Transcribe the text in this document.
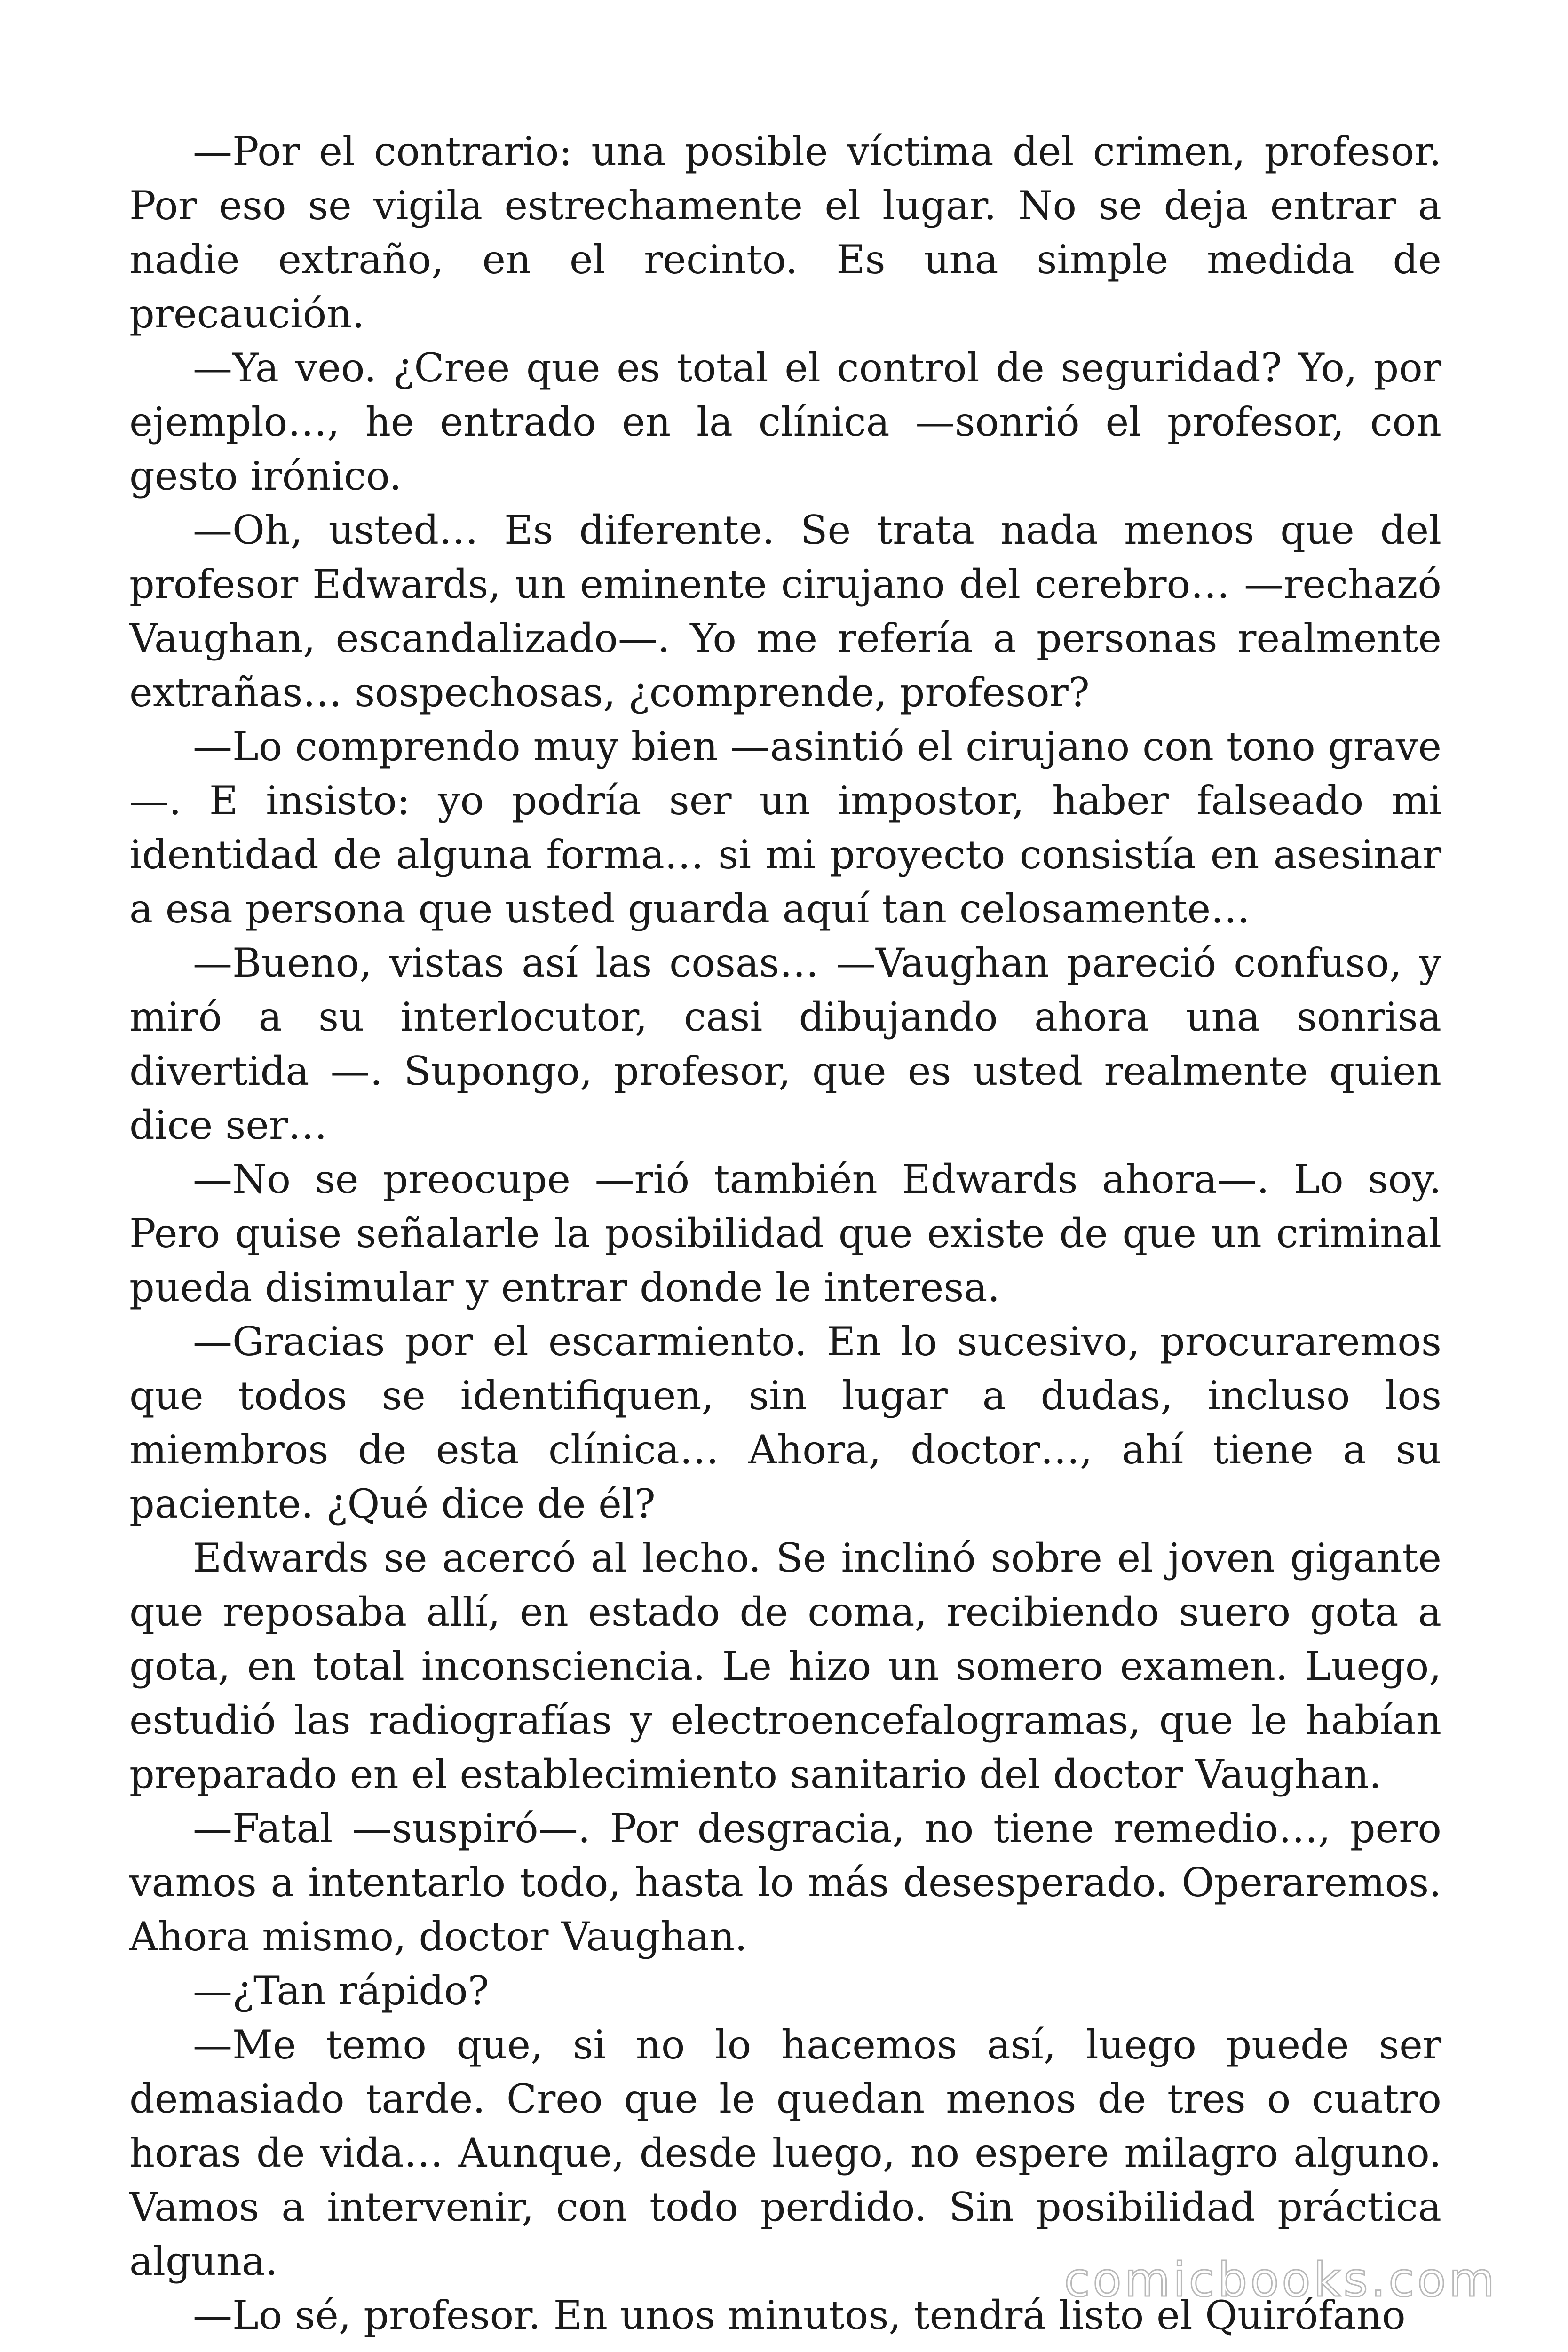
—Por el contrario: una posible víctima del crimen, profesor. Por eso se vigila estrechamente el lugar. No se deja entrar a nadie extraño, en el recinto. Es una simple medida de precaución.

—Ya veo. ¿Cree que es total el control de seguridad? Yo, por ejemplo…, he entrado en la clínica —sonrió el profesor, con gesto irónico.

—Oh, usted… Es diferente. Se trata nada menos que del profesor Edwards, un eminente cirujano del cerebro… —rechazó Vaughan, escandalizado—. Yo me refería a personas realmente extrañas… sospechosas, ¿comprende, profesor?

—Lo comprendo muy bien —asintió el cirujano con tono grave —. E insisto: yo podría ser un impostor, haber falseado mi identidad de alguna forma… si mi proyecto consistía en asesinar a esa persona que usted guarda aquí tan celosamente…

—Bueno, vistas así las cosas… —Vaughan pareció confuso, y miró a su interlocutor, casi dibujando ahora una sonrisa divertida —. Supongo, profesor, que es usted realmente quien dice ser…

—No se preocupe —rió también Edwards ahora—. Lo soy. Pero quise señalarle la posibilidad que existe de que un criminal pueda disimular y entrar donde le interesa.

—Gracias por el escarmiento. En lo sucesivo, procuraremos que todos se identifiquen, sin lugar a dudas, incluso los miembros de esta clínica… Ahora, doctor…, ahí tiene a su paciente. ¿Qué dice de él?

Edwards se acercó al lecho. Se inclinó sobre el joven gigante que reposaba allí, en estado de coma, recibiendo suero gota a gota, en total inconsciencia. Le hizo un somero examen. Luego, estudió las radiografías y electroencefalogramas, que le habían preparado en el establecimiento sanitario del doctor Vaughan.

—Fatal —suspiró—. Por desgracia, no tiene remedio…, pero vamos a intentarlo todo, hasta lo más desesperado. Operaremos. Ahora mismo, doctor Vaughan.

—¿Tan rápido?

—Me temo que, si no lo hacemos así, luego puede ser demasiado tarde. Creo que le quedan menos de tres o cuatro horas de vida… Aunque, desde luego, no espere milagro alguno. Vamos a intervenir, con todo perdido. Sin posibilidad práctica alguna.

—Lo sé, profesor. En unos minutos, tendrá listo el Quirófano

comicbooks.com
